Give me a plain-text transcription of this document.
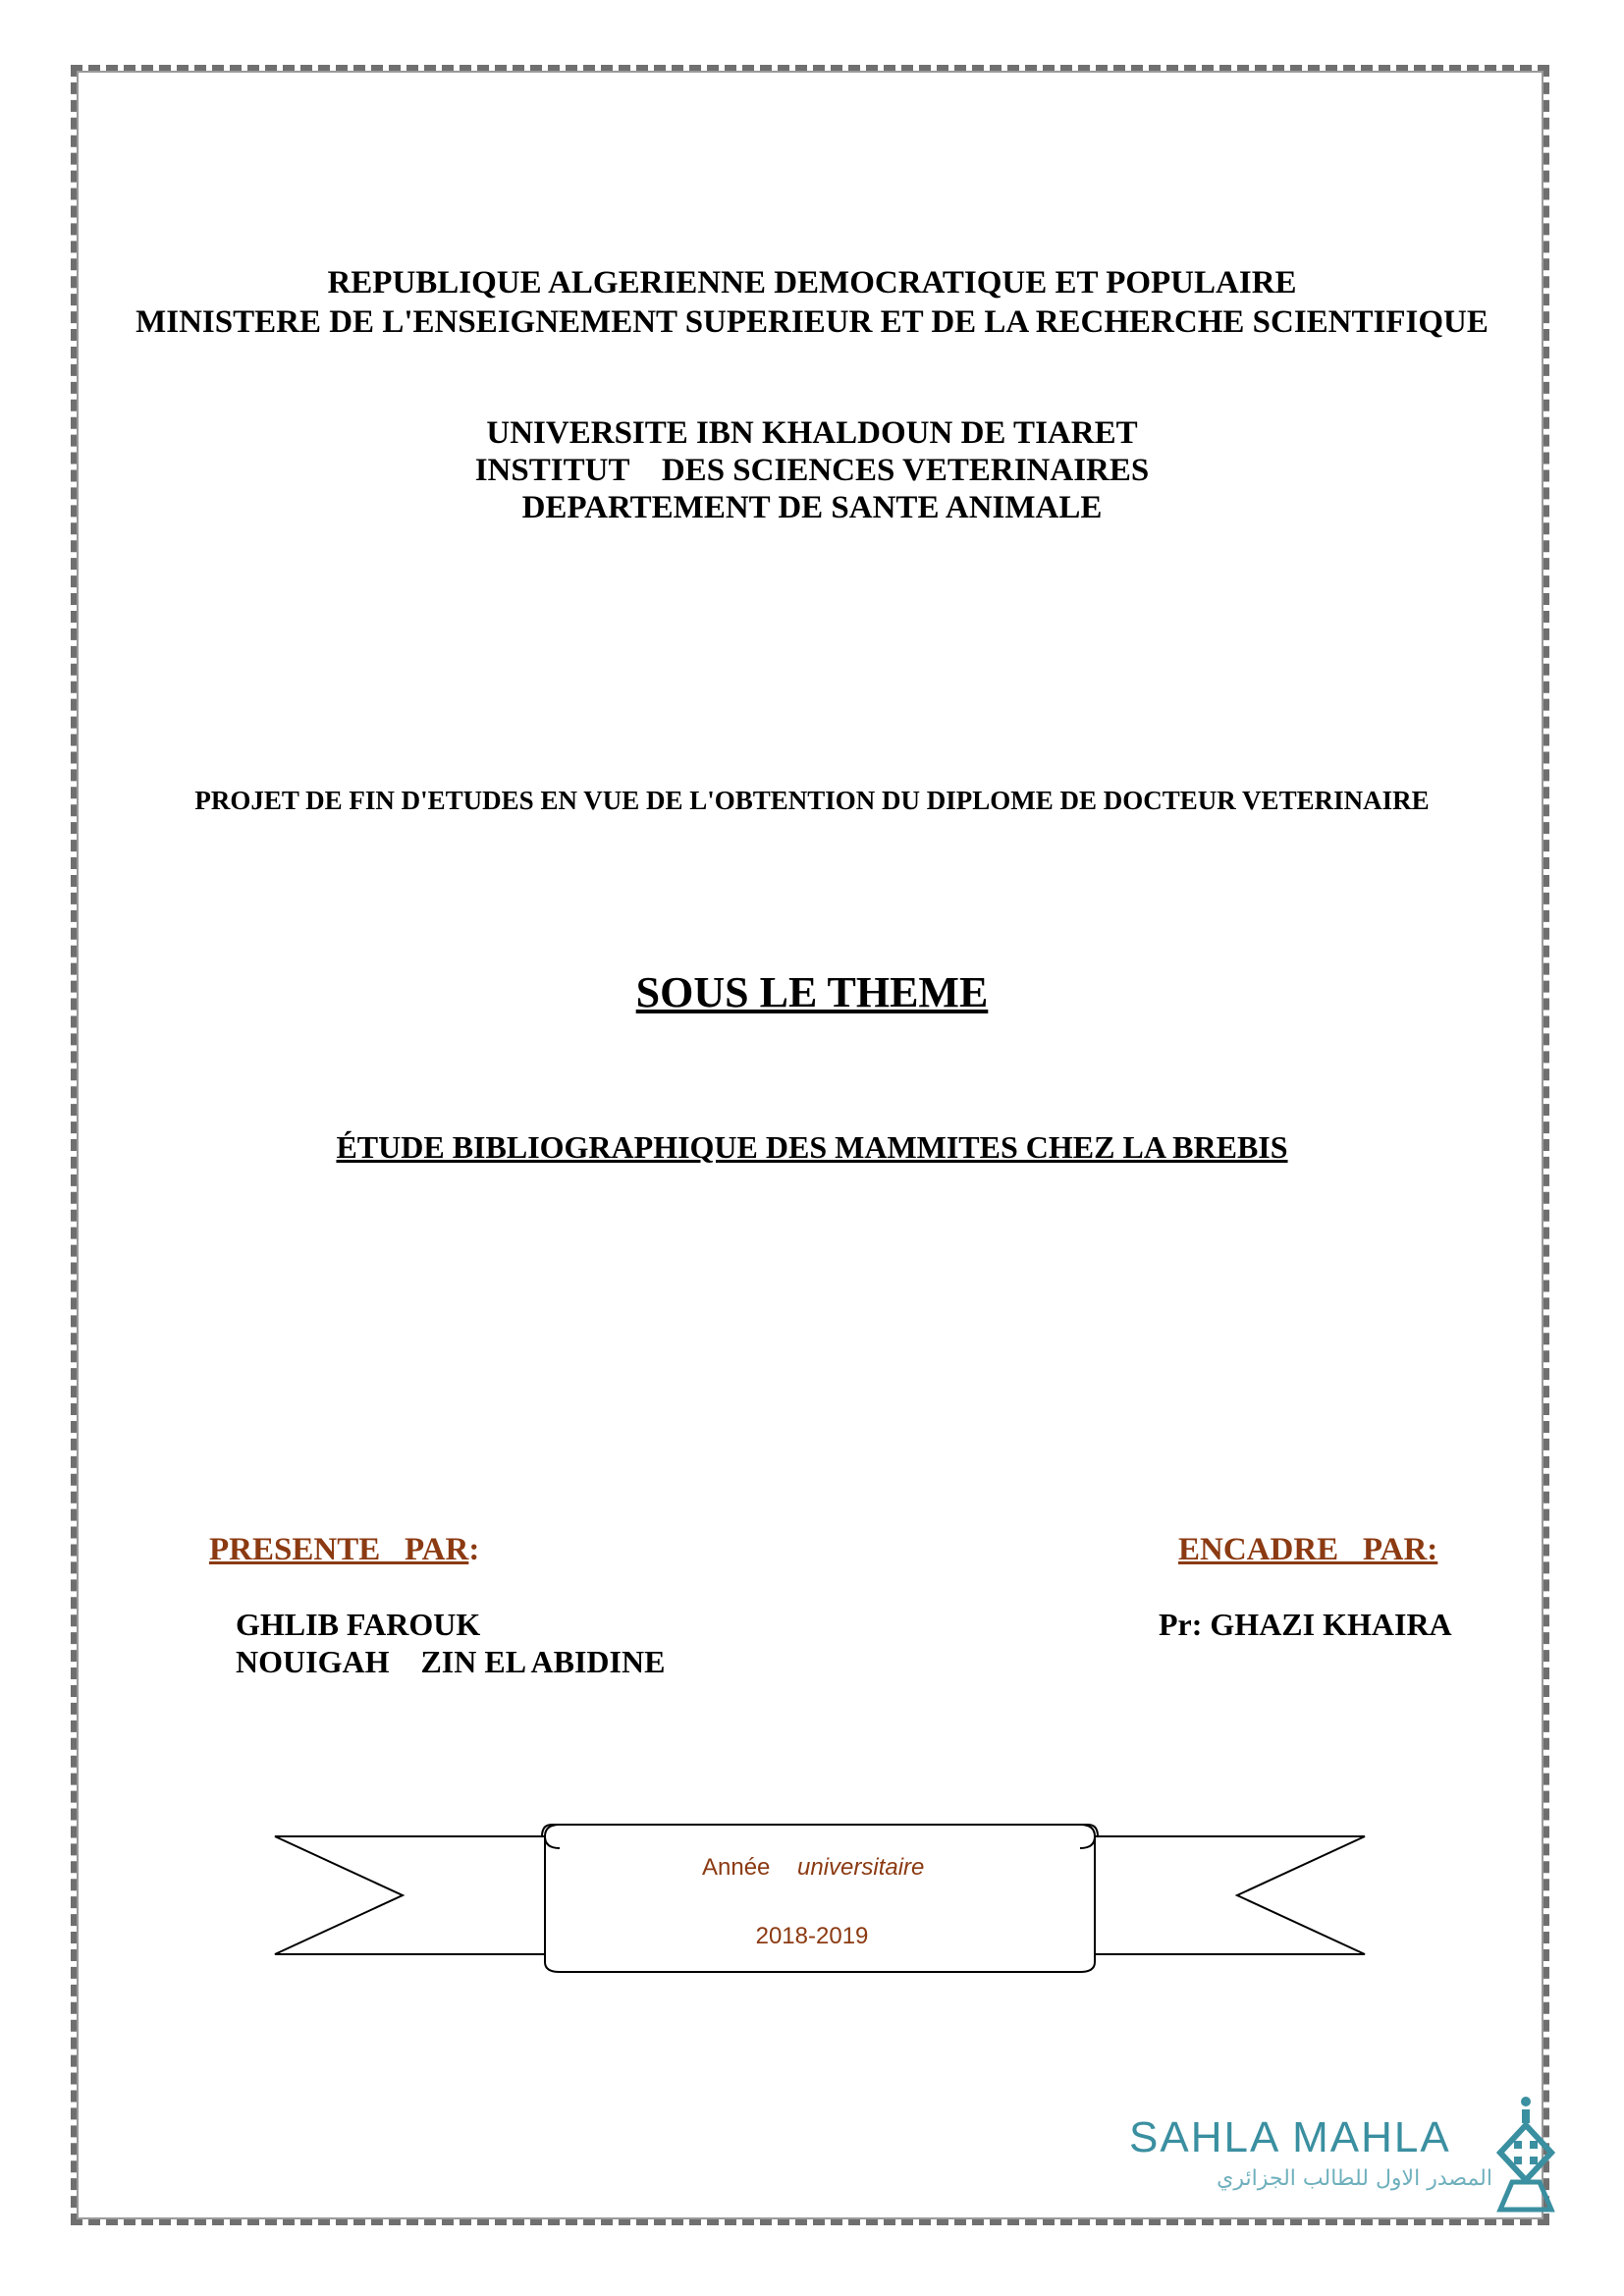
REPUBLIQUE ALGERIENNE DEMOCRATIQUE ET POPULAIRE
MINISTERE DE L'ENSEIGNEMENT SUPERIEUR ET DE LA RECHERCHE SCIENTIFIQUE
UNIVERSITE IBN KHALDOUN DE TIARET
INSTITUT    DES SCIENCES VETERINAIRES
DEPARTEMENT DE SANTE ANIMALE
PROJET DE FIN D'ETUDES EN VUE DE L'OBTENTION DU DIPLOME DE DOCTEUR VETERINAIRE
SOUS LE THEME
ÉTUDE BIBLIOGRAPHIQUE DES MAMMITES CHEZ LA BREBIS
PRESENTE   PAR:	ENCADRE   PAR:
GHLIB FAROUK
NOUIGAH    ZIN EL ABIDINE
Pr: GHAZI KHAIRA
Année universitaire
2018-2019
SAHLA MAHLA
المصدر الاول للطالب الجزائري
